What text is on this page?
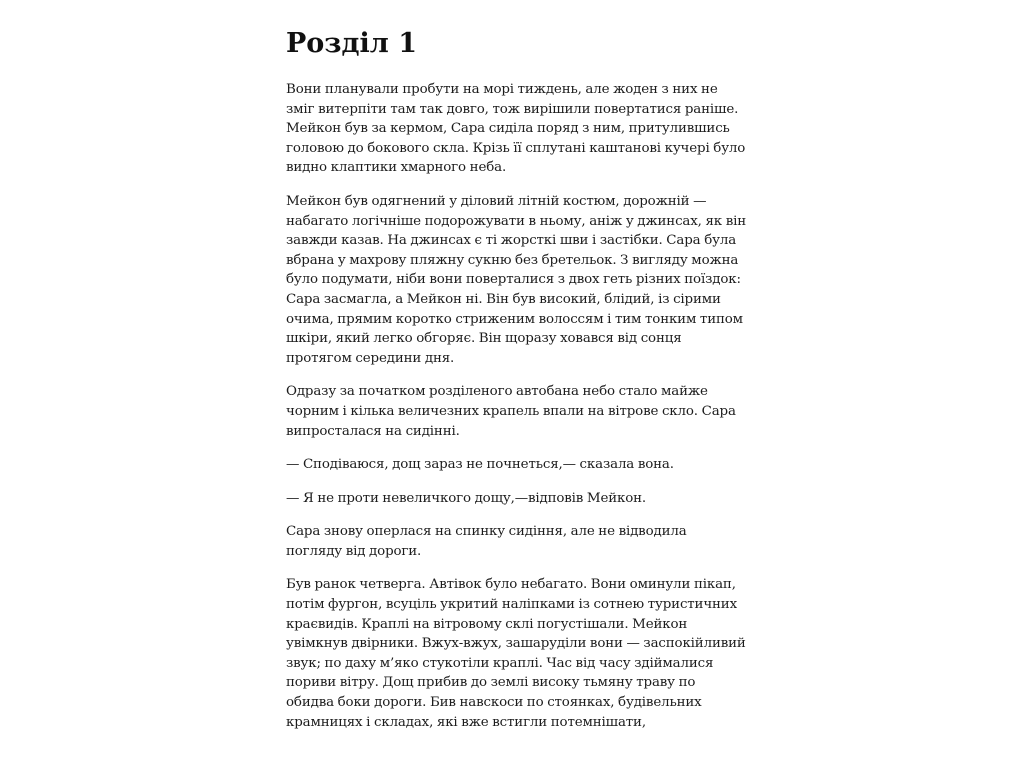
Розділ 1

Вони планували пробути на морі тиждень, але жоден з них не зміг витерпіти там так довго, тож вирішили повертатися раніше. Мейкон був за кермом, Сара сиділа поряд з ним, притулившись головою до бокового скла. Крізь її сплутані каштанові кучері було видно клаптики хмарного неба.

Мейкон був одягнений у діловий літній костюм, дорожній — набагато логічніше подорожувати в ньому, аніж у джинсах, як він завжди казав. На джинсах є ті жорсткі шви і застібки. Сара була вбрана у махрову пляжну сукню без бретельок. З вигляду можна було подумати, ніби вони поверталися з двох геть різних поїздок: Сара засмагла, а Мейкон ні. Він був високий, блідий, із сірими очима, прямим коротко стриженим волоссям і тим тонким типом шкіри, який легко обгоряє. Він щоразу ховався від сонця протягом середини дня.

Одразу за початком розділеного автобана небо стало майже чорним і кілька величезних крапель впали на вітрове скло. Сара випросталася на сидінні.

— Сподіваюся, дощ зараз не почнеться,— сказала вона.

— Я не проти невеличкого дощу,—відповів Мейкон.

Сара знову оперлася на спинку сидіння, але не відводила погляду від дороги.

Був ранок четверга. Автівок було небагато. Вони оминули пікап, потім фургон, всуціль укритий наліпками із сотнею туристичних краєвидів. Краплі на вітровому склі погустішали. Мейкон увімкнув двірники. Вжух-вжух, зашаруділи вони — заспокійливий звук; по даху м’яко стукотіли краплі. Час від часу здіймалися пориви вітру. Дощ прибив до землі високу тьмяну траву по обидва боки дороги. Бив навскоси по стоянках, будівельних крамницях і складах, які вже встигли потемнішати,
